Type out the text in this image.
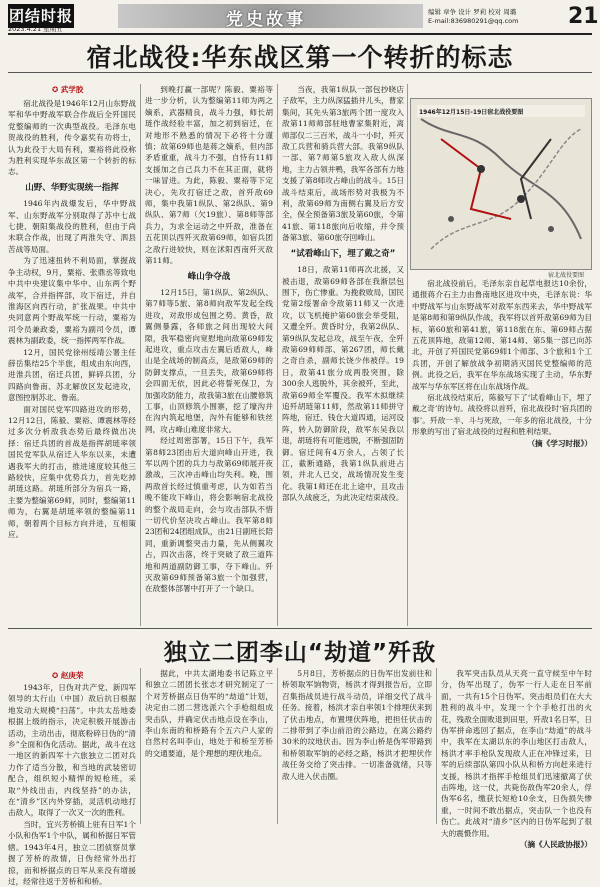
团结时报	党史故事	编辑 章争 设计 罗莉 校对 周璐
E-mail:836980291@qq.com 21
2023.4.21 星期五
宿北战役:华东战区第一个转折的标志
✪ 武学胶

宿北战役是1946年12月山东野战军和华中野战军联合作战后全歼国民党整编师的一次典型战役。毛泽东电贺战役的胜利，传令嘉奖有功将士，认为此役于大局有利，粟裕将此役称为胜利实现华东战区第一个转折的标志。

山野、华野实现统一指挥

1946年内战爆发后，华中野战军、山东野战军分别取得了苏中七战七捷、朝阳集战役的胜利，但由于尚未联合作战，出现了两淮失守、泗县苦战等局面。

为了迅速扭转不利局面，掌握战争主动权，9月，粟裕、张鼎丞等致电中共中央建议集中华中、山东两个野战军，合并指挥部，攻下宿迁，并自淮海区向西行动，扩张战果。中共中央同意两个野战军统一行动，粟裕为司令员兼政委，粟裕为副司令员，谭震林为副政委，统一指挥两军作战。

12月，国民党徐州绥靖公署主任薛岳集结25个半旅，组成由东向西，进淮兵团，宿迁兵团，鲜碎兵团，分四路向鲁南、苏北解放区发起进攻，意图控制苏北、鲁南。

面对国民党军四路进攻的形势，12月12日，陈毅、粟裕、谭震林等经过多次分析敌我态势后最终做出决择：宿迁兵团的首战是指挥胡琏率领国民党军队从宿迁入华东以来，未遭遇我军大的打击，推进速度较其他三路较快，应集中优势兵力，首先吃掉胡琏这路。胡琏所部分为宿兵一路，主要为整编第69师，同时，整编第11师为，右翼是胡琏率领的整编第11师，朝着两个目标方向并进，互相策应。

到晚打赢一部呢？陈毅、粟裕等进一步分析，认为整编第11师为两之嫡系，武器精良，战斗力强，师长胡琏作战经验丰富，加之初到宿迁，在对地形不熟悉的情况下必将十分谨慎；故第69师也是蒋之嫡系，但内部矛盾重重，战斗力不强，自恃有11师支援加之自己兵力不在其正面，就将一味冒进。为此，陈毅、粟裕等下定决心，先攻打宿迁之敌，首歼敌69师，集中我第1纵队、第2纵队、第9纵队、第7师（欠19旅）、第8师等部兵力，为求全运动之中歼敌，准备在五花顶以西歼灭敌第69师，如宿兵团之敌行进较快，则在沭阳西南歼灭敌第11师。

峰山争夺战

12月15日，第1纵队、第2纵队、第7师等5旅、第8师向敌军发起全线进攻，对敌形成包围之势。黄昏，敌翼侧暴露，各师旅之间出现较大间隙，我军稳密向宽慰地向敌第69师发起进攻，重点攻击左翼后盾敌人，峰山是全战场的制高点，是敌第69师的防御支撑点，一旦丢失，敌第69师将会四面无依，因此必将誓死保卫，为加强攻防能力，敌我第3旅在山腰修筑工事，山顶修筑小围寨，挖了壕沟并在沟内筑起地堡，沟外有能够和铁丝网，攻占峰山难度非常大。

经过周密部署，15日下午，我军第8师23团由后大道向峰山开进，我军以两个团的兵力与敌第69师展开夜激战，三次冲击峰山均失利。晚，围两敌首长经过慎重考虑，认为如若当晚不能攻下峰山，将会影响宿北战役的整个战局走向，会与攻击部队不惜一切代价坚决攻占峰山。我军第8师23团和24团组成队，由21日副班长陪同，重新调整突击力量，先从侧翼攻占，四次击落，终于突破了敌三道阵地和两道副防御工事，夺下峰山。歼灭敌第69师预备第3旅一个加强营，在敌整体部署中打开了一个缺口。

当夜，我第1纵队一部包抄晓店子敌军，主力纵深猛插井儿头，曹家集间，其先头第3旅两个团一度攻入敌第11师师部驻地曹家集附近，离师部仅二三百米，战斗一小时，歼灭敌工兵营和骑兵营大部。我第9纵队一部、第7师第5旅攻入敌人纵深地，主力占领井鸭，我军各部有力地支援了第8师攻占峰山的战斗。15日战斗结束后，战场形势对我极为不利，敌第69师为南侧右翼及后方安全，保全预备第3旅及第60旅，令第41旅、第118旅向后收缩，并令预备第3旅、第60旅夺回峰山。

“试看峰山下，埋了戴之奇”

18日，敌第11师再次北援，又被击退，敌第69师各部在我渐层包围下，伤亡惨重。为挽救败局，国民党第2绥署命令敌第11师又一次进攻，以飞机掩护第60旅会举受阻，又遭全歼。黄昏时分，我第2纵队、第9纵队发起总攻，战至午夜，全歼敌第69师师部、第267团，师长戴之奇自杀，副师长饶少伟被俘。19日，敌第41旅分成两股突围，除300余人逃脱外，其余被歼，至此，敌第69师全军覆没。我军木拟继续追歼胡琏第11师，然敌第11师拼守阵地，宿迁、钱仓大道四通，运河设阵，转入防御阶段，敌军东吴我以退，胡琏将有可能逃脱，不断强固防御。宿迁间有4万余人，占领了长江，截断通路，我第1纵队前进占领，并北人已交，战场情况发生变化。我第1师还在北上途中，且攻击部队久战疲乏，为此决定结束战役。

1946年12月15日-19日宿北战役要图
宿北战役要图

宿北战役前后，毛泽东亲自起草电报达10余份，通报蒋介石主力由鲁南地区进攻中央，毛泽东说：华中野战军与山东野战军对敌军东西来去，华中野战军是第8师和第9纵队作战，我军将以首歼敌第69师为目标，第60旅和第41旅，第118旅在东、第69师占据五花顶阵地，敌第12师、第14师、第5集一部已向苏北，开创了歼国民党第69师1个师部、3个旅和1个工兵团，开创了解放战争初期消灭国民党整编师的范例。此役之后，我军在华东战场实现了主动，华东野战军与华东军区将在山东战场作战。

宿北战役结束后，陈毅写下了‘试看峰山下，埋了戴之奇’的诗句。战役将以首歼，宿北战役时‘宿兵团的事’。歼敌一半、斗与死敌，一年多的宿北战役，十分形象的写出了宿北战役的过程和胜利结果。

（摘《学习时报》）
独立二团李山“劫道”歼敌
✪ 赵庚荣

1943年，日伪对共产党、新四军领导的太行山（中国）敌后抗日根据地发动大规模“扫荡”。中共太岳地委根据上级的指示，决定积极开展游击活动，主动出击，彻底粉碎日伪的“清乡”全面和伪化活动。据此，战斗在这一地区的新四军十六旅独立二团对兵力作了适当分散，和当地的武装密切配合，组织短小精悍的短枪班，采取“外线出击，内线坚持”的办法，在“清乡”区内外穿插，灵活机动地打击敌人，取得了一次又一次的胜利。

当时，宜兴芳桥镇上驻有日军1个小队和伪军1个中队，属和桥据日军管辖。1943年4月，独立二团侦察员掌握了芳桥的敌情，日伪经常外出打掠，而和桥据点的日军从来没有增援过，经常往返于芳桥和和桥。

据此，中共太湖地委书记陈立平和独立二团团长张志才研究制定了一个对芳桥据点日伪军的“劫道”计划，决定由二团二营选派六个手枪组组成突击队，并确定伏击地点设在李山，李山东南的和桥路有个五六户人家的自然村名叫李山，地处于和桥至芳桥的交通要道，是个理想的理伏地点。

5月8日，芳桥据点的日伪军出发前往和桥领取军饷物资，杨洪才得到报告后，立即召集指战员进行战斗动员，详细交代了战斗任务。接着，杨洪才亲自率领1个排埋伏来到了伏击地点，布置埋伏阵地，把担任伏击的二排带到了李山前沿的公路边，在离公路约30米的坟地伏击。因为李山桥是伪军带路到和桥领取军饷的必经之路，杨洪才把埋伏作战任务交给了突击排。一切准备就绪，只等敌人进入伏击圈。

我军突击队员从天亮一直守候至中午时分，伪军出现了，伪军一行人走在日军前面，一共有15个日伪军。突击组员们在大大胜利的战斗中，发现一个个手枪打出的火花，残敌全面败退到田里，歼敌1名日军，日伪军拼命逃回了据点，在李山“劫道”的战斗中，我军在太湖以东的李山地区打击敌人，杨洪才率手枪队发现敌人正在冲锋过来，日军的后续部队第四小队从和桥方向赶来进行支援，杨洪才指挥手枪组员们迅速撤离了伏击阵地，这一仗，共毙伤敌伪军20余人，俘伪军6名，缴获长短枪10余支，日伪损失惨重，一时间不敢出据点，突击队一个也没有伤亡。此战对“清乡”区内的日伪军起到了很大的震慑作用。

（摘《人民政协报》）
